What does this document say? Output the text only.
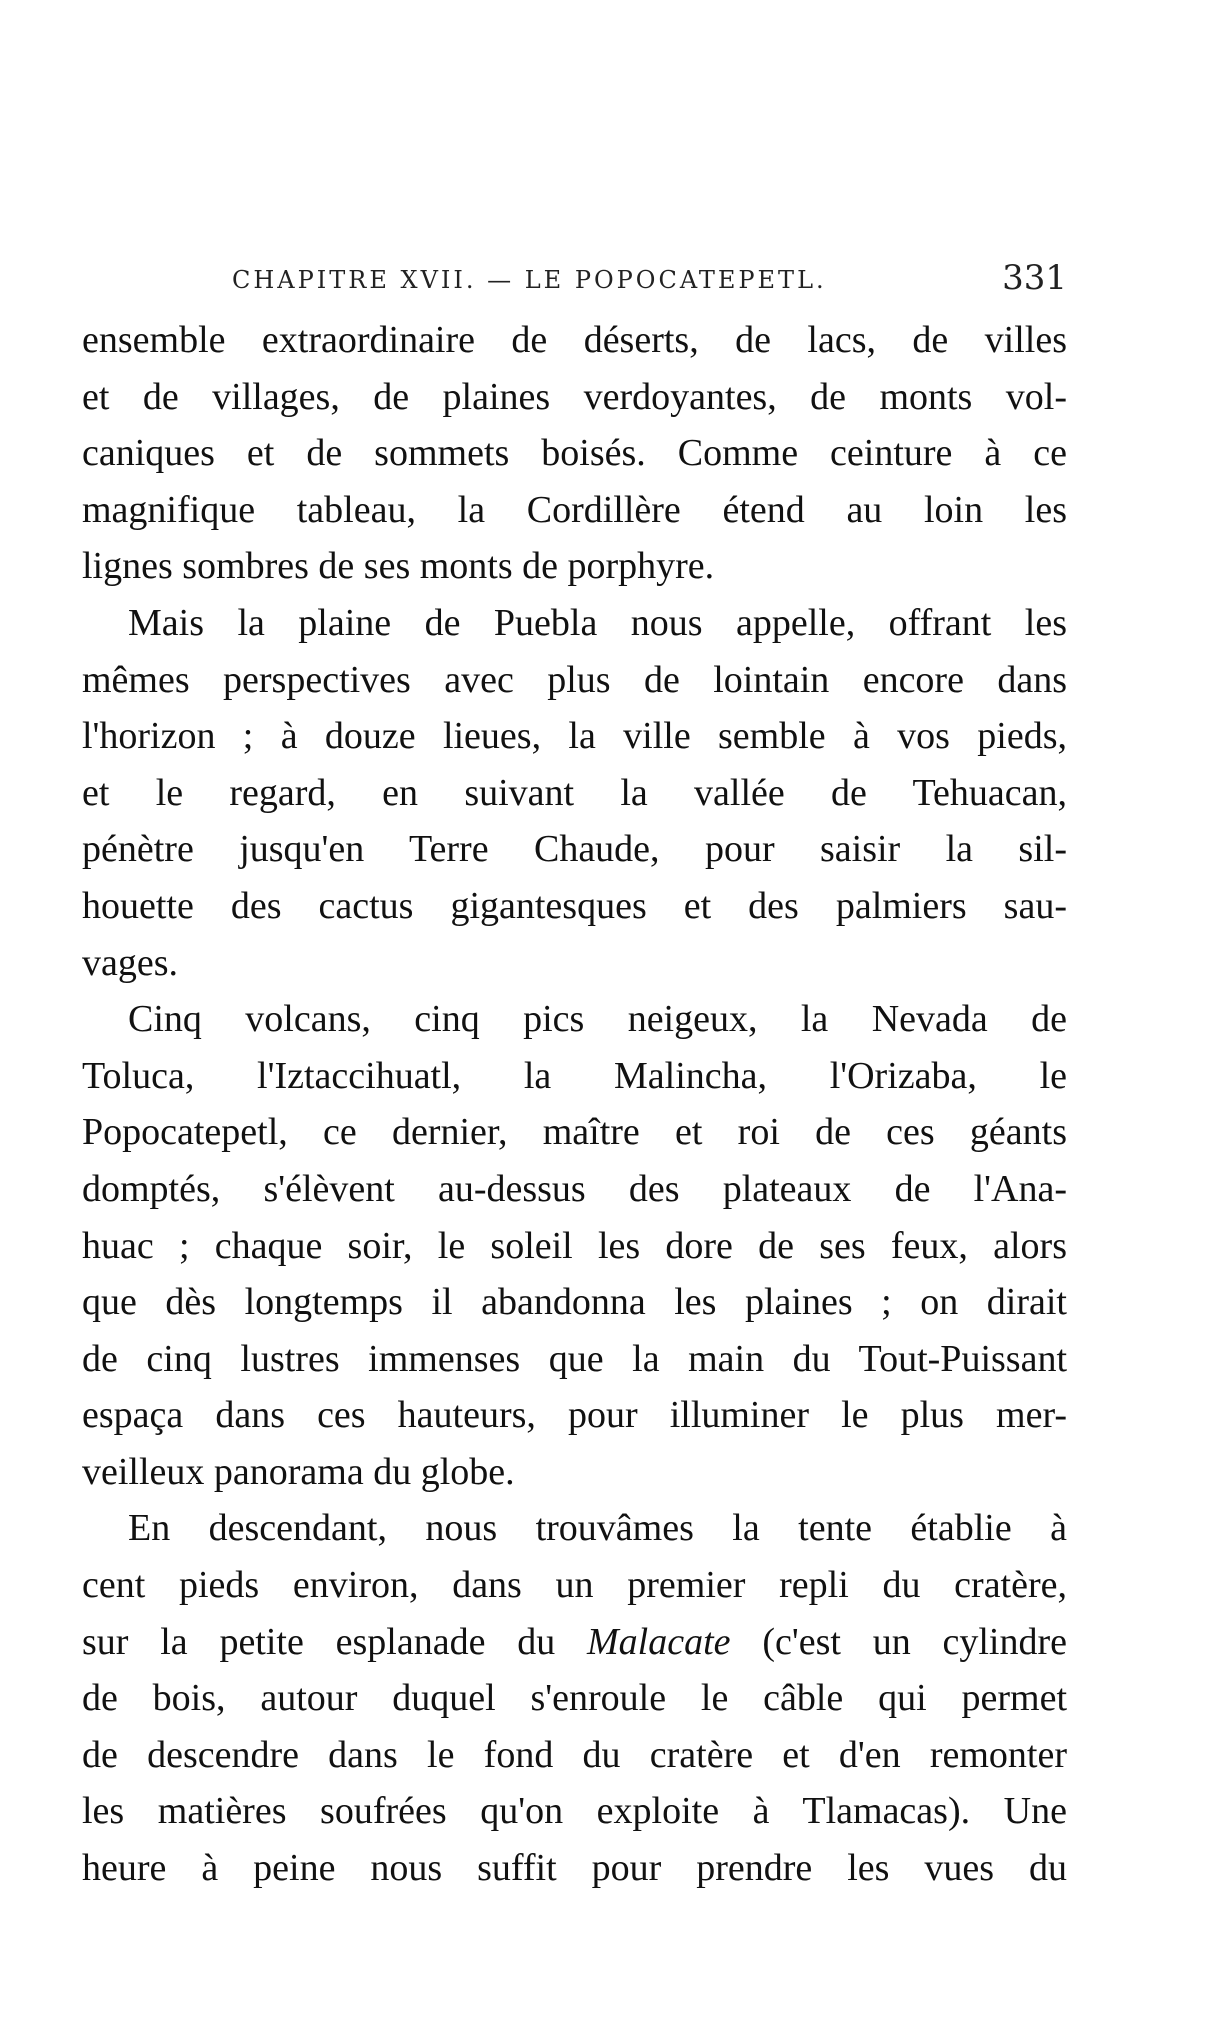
CHAPITRE XVII. — LE POPOCATEPETL.	331
ensemble extraordinaire de déserts, de lacs, de villes
et de villages, de plaines verdoyantes, de monts vol-
caniques et de sommets boisés. Comme ceinture à ce
magnifique tableau, la Cordillère étend au loin les
lignes sombres de ses monts de porphyre.
Mais la plaine de Puebla nous appelle, offrant les
mêmes perspectives avec plus de lointain encore dans
l'horizon ; à douze lieues, la ville semble à vos pieds,
et le regard, en suivant la vallée de Tehuacan,
pénètre jusqu'en Terre Chaude, pour saisir la sil-
houette des cactus gigantesques et des palmiers sau-
vages.
Cinq volcans, cinq pics neigeux, la Nevada de
Toluca, l'Iztaccihuatl, la Malincha, l'Orizaba, le
Popocatepetl, ce dernier, maître et roi de ces géants
domptés, s'élèvent au-dessus des plateaux de l'Ana-
huac ; chaque soir, le soleil les dore de ses feux, alors
que dès longtemps il abandonna les plaines ; on dirait
de cinq lustres immenses que la main du Tout-Puissant
espaça dans ces hauteurs, pour illuminer le plus mer-
veilleux panorama du globe.
En descendant, nous trouvâmes la tente établie à
cent pieds environ, dans un premier repli du cratère,
sur la petite esplanade du Malacate (c'est un cylindre
de bois, autour duquel s'enroule le câble qui permet
de descendre dans le fond du cratère et d'en remonter
les matières soufrées qu'on exploite à Tlamacas). Une
heure à peine nous suffit pour prendre les vues du
